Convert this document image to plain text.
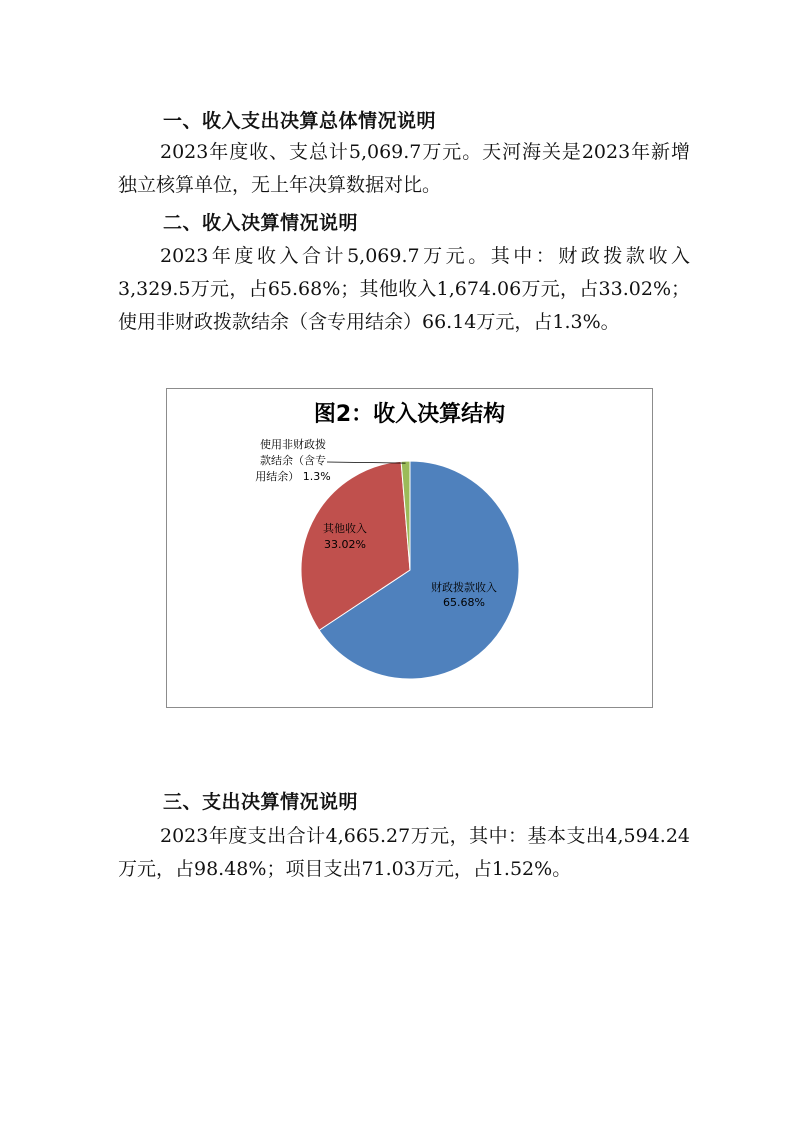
一、收入支出决算总体情况说明

2023年度收、支总计5,069.7万元。天河海关是2023年新增独立核算单位，无上年决算数据对比。

二、收入决算情况说明

2023年度收入合计5,069.7万元。其中：财政拨款收入3,329.5万元，占65.68%；其他收入1,674.06万元，占33.02%；使用非财政拨款结余（含专用结余）66.14万元，占1.3%。

图2：收入决算结构
财政拨款收入
65.68%
其他收入
33.02%
使用非财政拨
款结余（含专
用结余） 1.3%
三、支出决算情况说明

2023年度支出合计4,665.27万元，其中：基本支出4,594.24万元，占98.48%；项目支出71.03万元，占1.52%。
